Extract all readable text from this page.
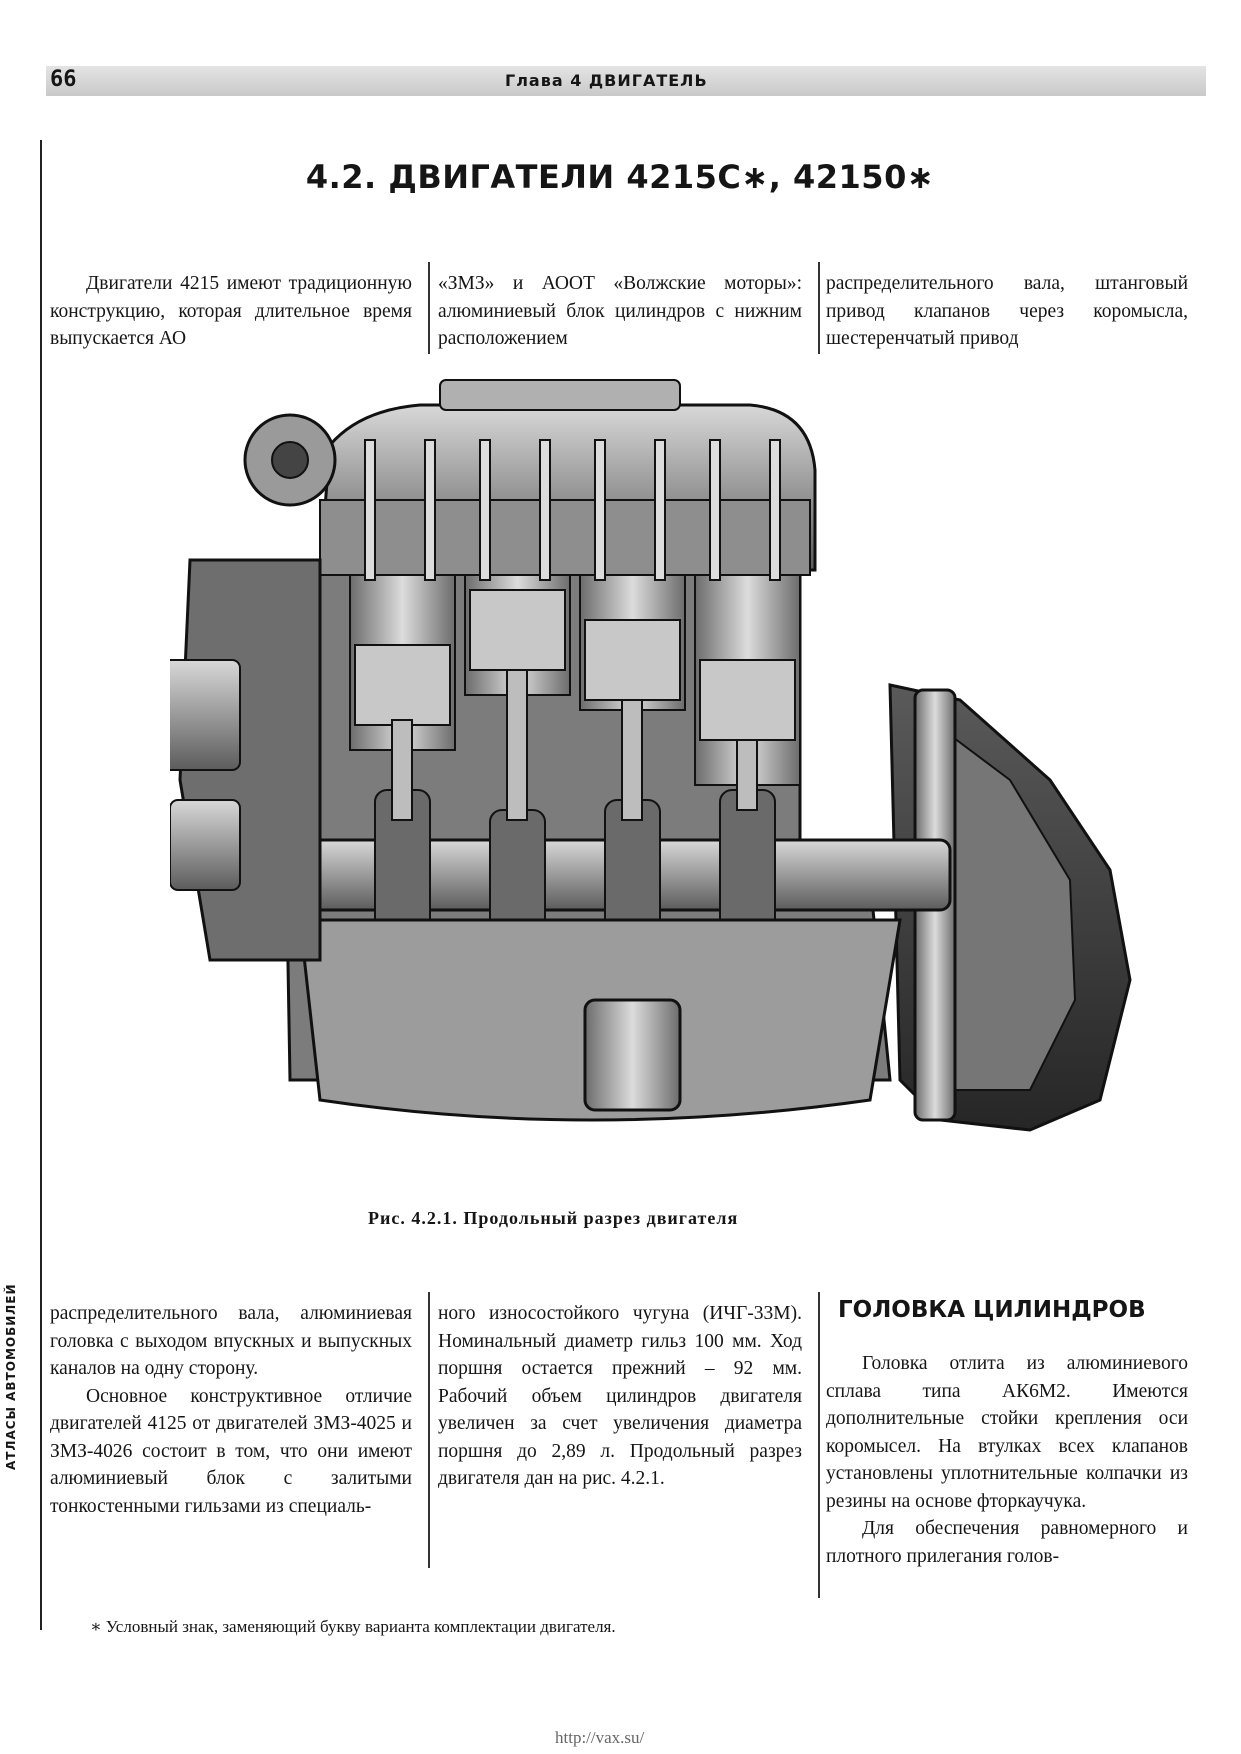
66	Глава 4 ДВИГАТЕЛЬ
4.2. ДВИГАТЕЛИ 4215С∗, 42150∗

Двигатели 4215 имеют традиционную конструкцию, которая длительное время выпускается АО

«ЗМЗ» и АООТ «Волжские моторы»: алюминиевый блок цилиндров с нижним расположением

распределительного вала, штанговый привод клапанов через коромысла, шестеренчатый привод

Рис. 4.2.1. Продольный разрез двигателя

распределительного вала, алюминиевая головка с выходом впускных и выпускных каналов на одну сторону.

Основное конструктивное отличие двигателей 4125 от двигателей ЗМЗ-4025 и ЗМЗ-4026 состоит в том, что они имеют алюминиевый блок с залитыми тонкостенными гильзами из специаль-

ного износостойкого чугуна (ИЧГ-33М). Номинальный диаметр гильз 100 мм. Ход поршня остается прежний – 92 мм. Рабочий объем цилиндров двигателя увеличен за счет увеличения диаметра поршня до 2,89 л. Продольный разрез двигателя дан на рис. 4.2.1.

ГОЛОВКА ЦИЛИНДРОВ

Головка отлита из алюминиевого сплава типа АК6М2. Имеются дополнительные стойки крепления оси коромысел. На втулках всех клапанов установлены уплотнительные колпачки из резины на основе фторкаучука.

Для обеспечения равномерного и плотного прилегания голов-

АТЛАСЫ АВТОМОБИЛЕЙ
∗ Условный знак, заменяющий букву варианта комплектации двигателя.
http://vax.su/
